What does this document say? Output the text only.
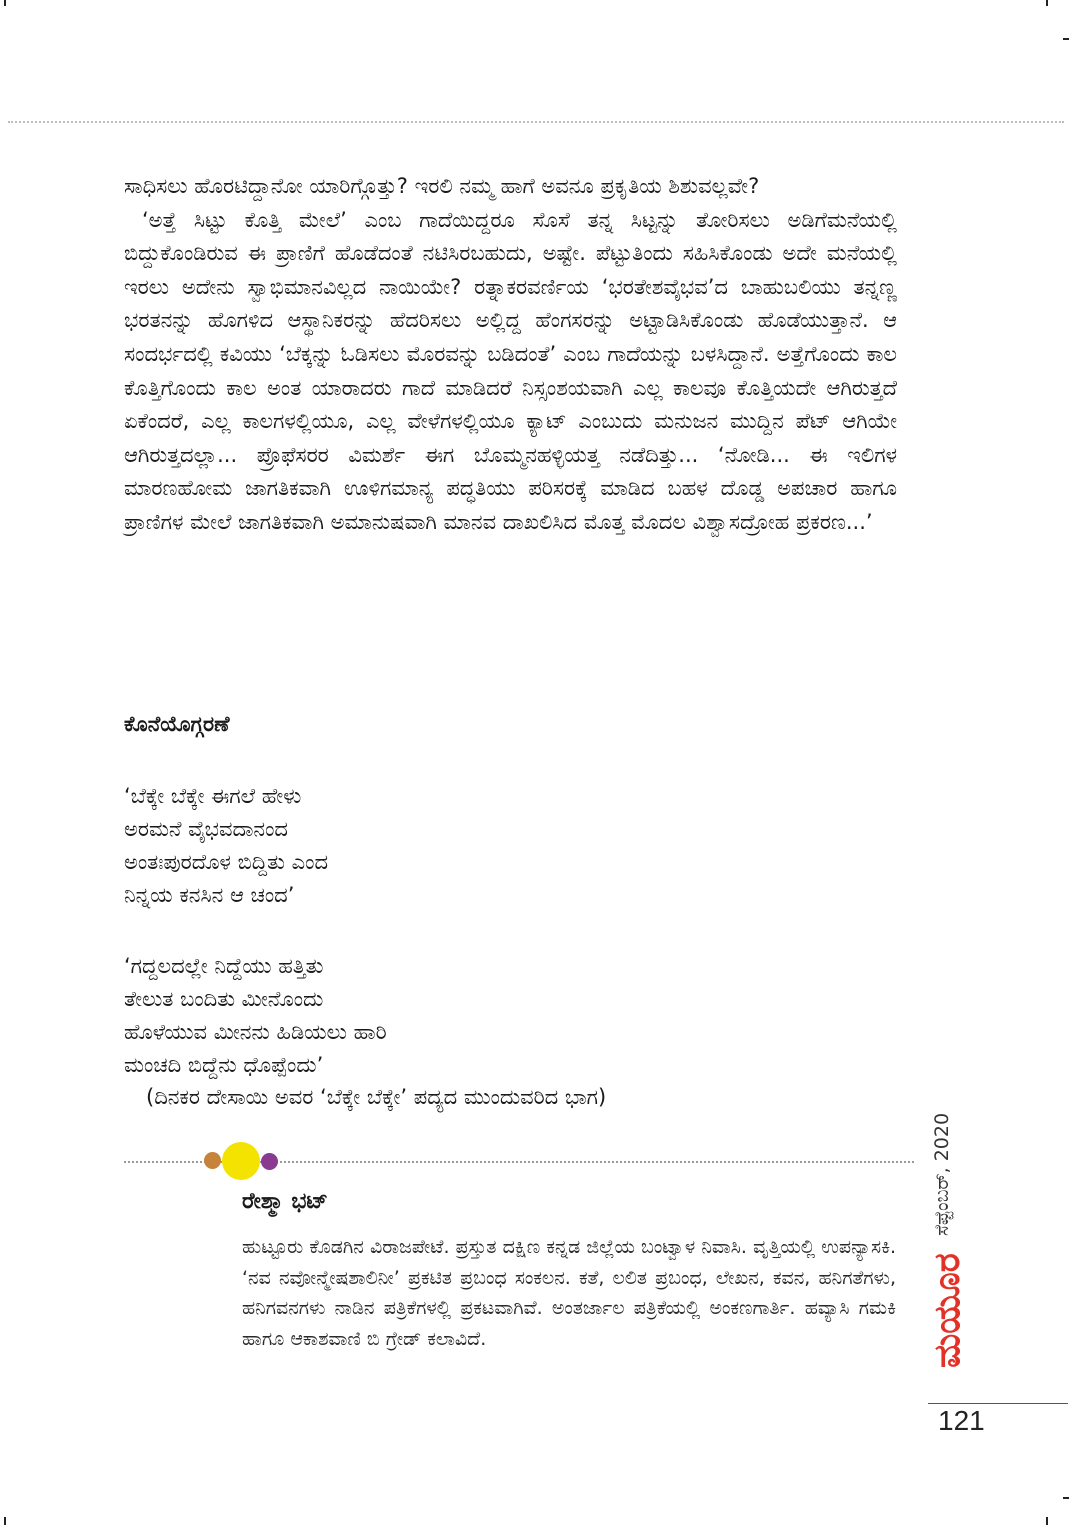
ಸಾಧಿಸಲು ಹೊರಟಿದ್ದಾನೋ ಯಾರಿಗ್ಗೊತ್ತು? ಇರಲಿ ನಮ್ಮ ಹಾಗೆ ಅವನೂ ಪ್ರಕೃತಿಯ ಶಿಶುವಲ್ಲವೇ?

‘ಅತ್ತೆ ಸಿಟ್ಟು ಕೊತ್ತಿ ಮೇಲೆ’ ಎಂಬ ಗಾದೆಯಿದ್ದರೂ ಸೊಸೆ ತನ್ನ ಸಿಟ್ಟನ್ನು ತೋರಿಸಲು ಅಡಿಗೆಮನೆಯಲ್ಲಿ ಬಿದ್ದುಕೊಂಡಿರುವ ಈ ಪ್ರಾಣಿಗೆ ಹೊಡೆದಂತೆ ನಟಿಸಿರಬಹುದು, ಅಷ್ಟೇ. ಪೆಟ್ಟುತಿಂದು ಸಹಿಸಿಕೊಂಡು ಅದೇ ಮನೆಯಲ್ಲಿ ಇರಲು ಅದೇನು ಸ್ವಾಭಿಮಾನವಿಲ್ಲದ ನಾಯಿಯೇ? ರತ್ನಾಕರವರ್ಣಿಯ ‘ಭರತೇಶವೈಭವ’ದ ಬಾಹುಬಲಿಯು ತನ್ನಣ್ಣ ಭರತನನ್ನು ಹೊಗಳಿದ ಆಸ್ಥಾನಿಕರನ್ನು ಹೆದರಿಸಲು ಅಲ್ಲಿದ್ದ ಹೆಂಗಸರನ್ನು ಅಟ್ಟಾಡಿಸಿಕೊಂಡು ಹೊಡೆಯುತ್ತಾನೆ. ಆ ಸಂದರ್ಭದಲ್ಲಿ ಕವಿಯು ‘ಬೆಕ್ಕನ್ನು ಓಡಿಸಲು ಮೊರವನ್ನು ಬಡಿದಂತೆ’ ಎಂಬ ಗಾದೆಯನ್ನು ಬಳಸಿದ್ದಾನೆ. ಅತ್ತೆಗೊಂದು ಕಾಲ ಕೊತ್ತಿಗೊಂದು ಕಾಲ ಅಂತ ಯಾರಾದರು ಗಾದೆ ಮಾಡಿದರೆ ನಿಸ್ಸಂಶಯವಾಗಿ ಎಲ್ಲ ಕಾಲವೂ ಕೊತ್ತಿಯದೇ ಆಗಿರುತ್ತದೆ ಏಕೆಂದರೆ, ಎಲ್ಲ ಕಾಲಗಳಲ್ಲಿಯೂ, ಎಲ್ಲ ವೇಳೆಗಳಲ್ಲಿಯೂ ಕ್ಯಾಟ್ ಎಂಬುದು ಮನುಜನ ಮುದ್ದಿನ ಪೆಟ್ ಆಗಿಯೇ ಆಗಿರುತ್ತದಲ್ಲಾ... ಪ್ರೊಫೆಸರರ ವಿಮರ್ಶೆ ಈಗ ಬೊಮ್ಮನಹಳ್ಳಿಯತ್ತ ನಡೆದಿತ್ತು... ‘ನೋಡಿ... ಈ ಇಲಿಗಳ ಮಾರಣಹೋಮ ಜಾಗತಿಕವಾಗಿ ಊಳಿಗಮಾನ್ಯ ಪದ್ಧತಿಯು ಪರಿಸರಕ್ಕೆ ಮಾಡಿದ ಬಹಳ ದೊಡ್ಡ ಅಪಚಾರ ಹಾಗೂ ಪ್ರಾಣಿಗಳ ಮೇಲೆ ಜಾಗತಿಕವಾಗಿ ಅಮಾನುಷವಾಗಿ ಮಾನವ ದಾಖಲಿಸಿದ ಮೊತ್ತ ಮೊದಲ ವಿಶ್ವಾಸದ್ರೋಹ ಪ್ರಕರಣ...’

ಕೊನೆಯೊಗ್ಗರಣೆ
‘ಬೆಕ್ಕೇ ಬೆಕ್ಕೇ ಈಗಲೆ ಹೇಳು
ಅರಮನೆ ವೈಭವದಾನಂದ
ಅಂತಃಪುರದೊಳ ಬಿದ್ದಿತು ಎಂದ
ನಿನ್ನಯ ಕನಸಿನ ಆ ಚಂದ’
‘ಗದ್ದಲದಲ್ಲೇ ನಿದ್ದೆಯು ಹತ್ತಿತು
ತೇಲುತ ಬಂದಿತು ಮೀನೊಂದು
ಹೊಳೆಯುವ ಮೀನನು ಹಿಡಿಯಲು ಹಾರಿ
ಮಂಚದಿ ಬಿದ್ದೆನು ಧೊಪ್ಪೆಂದು’
(ದಿನಕರ ದೇಸಾಯಿ ಅವರ ‘ಬೆಕ್ಕೇ ಬೆಕ್ಕೇ’ ಪದ್ಯದ ಮುಂದುವರಿದ ಭಾಗ)
ರೇಶ್ಮಾ ಭಟ್
ಹುಟ್ಟೂರು ಕೊಡಗಿನ ವಿರಾಜಪೇಟೆ. ಪ್ರಸ್ತುತ ದಕ್ಷಿಣ ಕನ್ನಡ ಜಿಲ್ಲೆಯ ಬಂಟ್ವಾಳ ನಿವಾಸಿ. ವೃತ್ತಿಯಲ್ಲಿ ಉಪನ್ಯಾಸಕಿ. ‘ನವ ನವೋನ್ಮೇಷಶಾಲಿನೀ’ ಪ್ರಕಟಿತ ಪ್ರಬಂಧ ಸಂಕಲನ. ಕತೆ, ಲಲಿತ ಪ್ರಬಂಧ, ಲೇಖನ, ಕವನ, ಹನಿಗತೆಗಳು, ಹನಿಗವನಗಳು ನಾಡಿನ ಪತ್ರಿಕೆಗಳಲ್ಲಿ ಪ್ರಕಟವಾಗಿವೆ. ಅಂತರ್ಜಾಲ ಪತ್ರಿಕೆಯಲ್ಲಿ ಅಂಕಣಗಾರ್ತಿ. ಹವ್ಯಾಸಿ ಗಮಕಿ ಹಾಗೂ ಆಕಾಶವಾಣಿ ಬಿ ಗ್ರೇಡ್ ಕಲಾವಿದೆ.
ಸೆಪ್ಟೆಂಬರ್, 2020
ಮಯೂರ
121
